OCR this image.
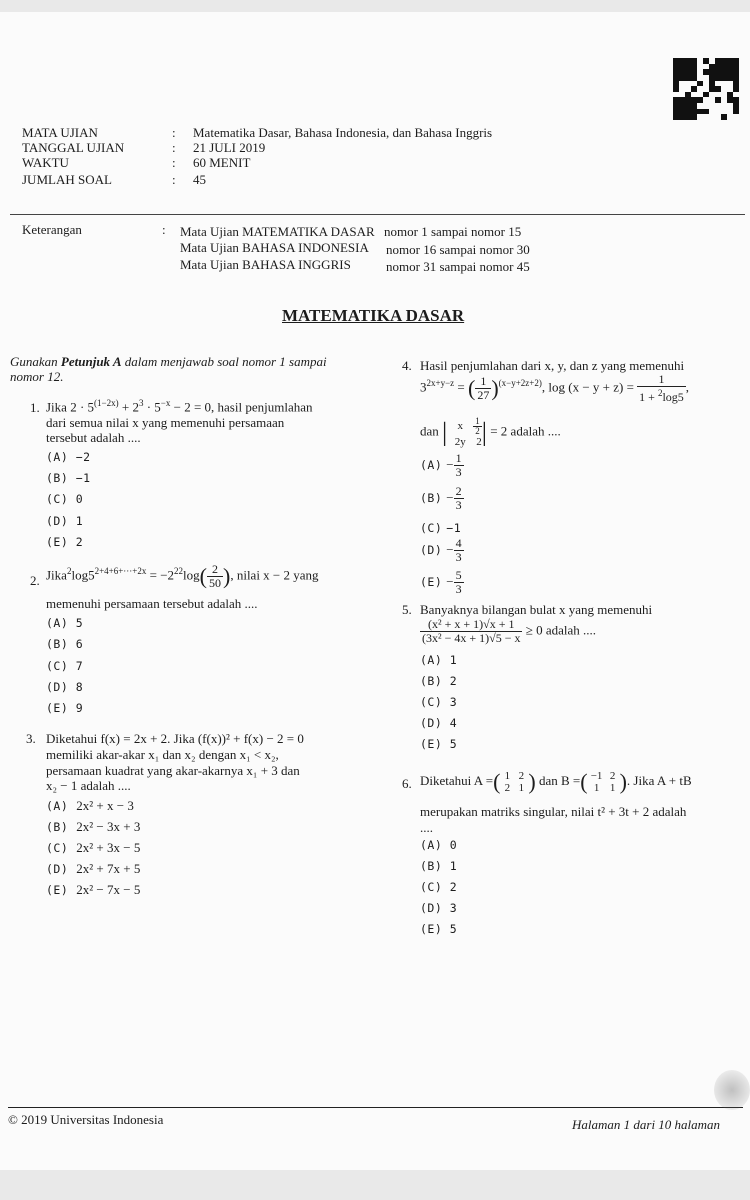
MATA UJIAN	: Matematika Dasar, Bahasa Indonesia, dan Bahasa Inggris
TANGGAL UJIAN	: 21 JULI 2019
WAKTU	: 60 MENIT
JUMLAH SOAL	: 45
Keterangan	: Mata Ujian MATEMATIKA DASAR nomor 1 sampai nomor 15
Mata Ujian BAHASA INDONESIA nomor 16 sampai nomor 30
Mata Ujian BAHASA INGGRIS	nomor 31 sampai nomor 45
MATEMATIKA DASAR
Gunakan Petunjuk A dalam menjawab soal nomor 1 sampai
nomor 12.
1. Jika $2 \cdot 5^{(1-2x)} + 2^3 \cdot 5^{-x} - 2 = 0$, hasil penjumlahan
dari semua nilai x yang memenuhi persamaan
tersebut adalah ....
(A) −2
(B) −1
(C) 0
(D) 1
(E) 2
2. $Jika^2\log 5^{2+4+6+\cdot\cdot\cdot+2x} = -2^{22}\log( \frac{2}{50}$ ), nilai x − 2 yang
memenuhi persamaan tersebut adalah ....
(A) 5
(B) 6
(C) 7
(D) 8
(E) 9
3. Diketahui f(x) = 2x + 2. Jika (f(x))² + f(x) − 2 = 0
memiliki akar-akar x₁ dan x₂ dengan x₁ < x₂,
persamaan kuadrat yang akar-akarnya x₁ + 3 dan
x₂ − 1 adalah ....
(A) 2x² + x − 3
(B) 2x² − 3x + 3
(C) 2x² + 3x − 5
(D) 2x² + 7x + 5
(E) 2x² − 7x − 5
4. Hasil penjumlahan dari x, y, dan z yang memenuhi
$3^{2x+y-z}$ = ( $\frac{1}{27} )^{(x-y+2z+2)}$, $\log (x - y + z) = \frac{1}{1 + ^2\log 5}$ ,
dan | x $\frac{1}{2}$

2y 2| = 2 adalah ....
$(A) - \frac{1}{3}$
$(B) - \frac{2}{3}$
(C) −1
$(D) - \frac{4}{3}$
$(E) - \frac{5}{3}$
5. Banyaknya bilangan bulat x yang memenuhi
$\frac{\text{(x² + x + 1)√x + 1}}{\text{(3x² − 4x + 1)√5 − x}} \ge 0$ adalah ....
(A) 1
(B) 2
(C) 3
(D) 4
(E) 5
6. Diketahui A =( 1 2
2 1 ) dan B =( −1 2
1 1 ). Jika A + tB
merupakan matriks singular, nilai t² + 3t + 2 adalah
....
(A) 0
(B) 1
(C) 2
(D) 3
(E) 5
© 2019 Universitas Indonesia	Halaman 1 dari 10 halaman
